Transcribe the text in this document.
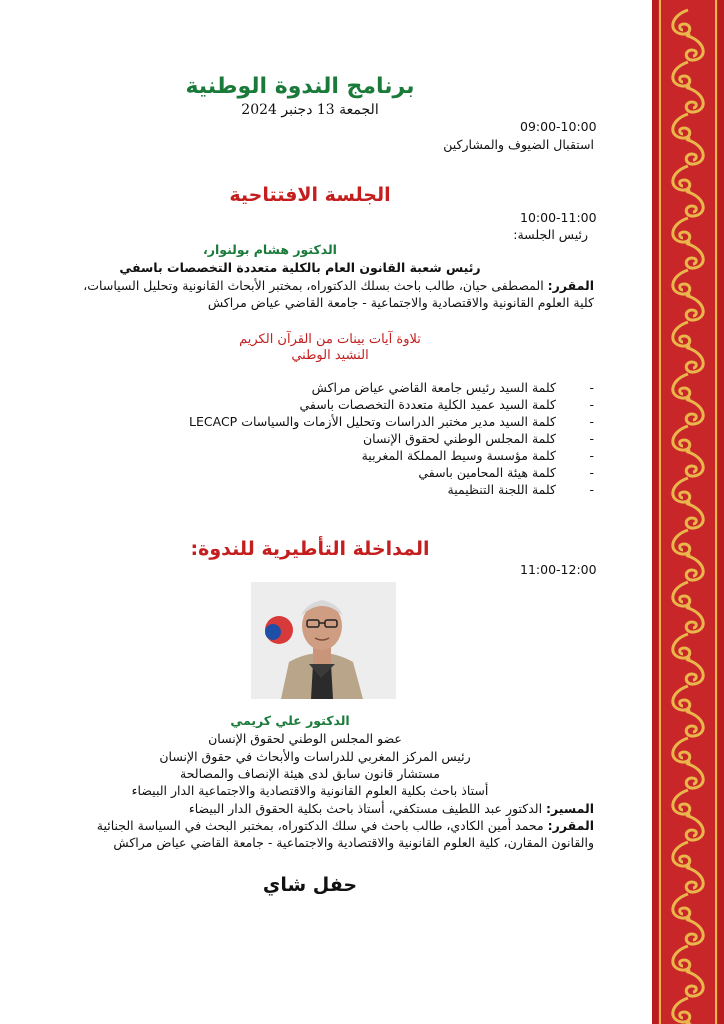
برنامج الندوة الوطنية
الجمعة 13 دجنبر 2024
09:00-10:00
استقبال الضيوف والمشاركين
الجلسة الافتتاحية
10:00-11:00
رئيس الجلسة:
الدكتور هشام بولنوار،
رئيس شعبة القانون العام بالكلية متعددة التخصصات باسفي
المقرر: المصطفى حيان، طالب باحث بسلك الدكتوراه، بمختبر الأبحاث القانونية وتحليل السياسات،
كلية العلوم القانونية والاقتصادية والاجتماعية - جامعة القاضي عياض مراكش
تلاوة آيات بينات من القرآن الكريم
النشيد الوطني
-
كلمة السيد رئيس جامعة القاضي عياض مراكش
-
كلمة السيد عميد الكلية متعددة التخصصات باسفي
-
كلمة السيد مدير مختبر الدراسات وتحليل الأزمات والسياسات LECACP
-
كلمة المجلس الوطني لحقوق الإنسان
-
كلمة مؤسسة وسيط المملكة المغربية
-
كلمة هيئة المحامين باسفي
-
كلمة اللجنة التنظيمية
المداخلة التأطيرية للندوة:
11:00-12:00
الدكتور علي كريمي
عضو المجلس الوطني لحقوق الإنسان
رئيس المركز المغربي للدراسات والأبحاث في حقوق الإنسان
مستشار قانون سابق لدى هيئة الإنصاف والمصالحة
أستاذ باحث بكلية العلوم القانونية والاقتصادية والاجتماعية الدار البيضاء
المسير: الدكتور عبد اللطيف مستكفي، أستاذ باحث بكلية الحقوق الدار البيضاء
المقرر: محمد أمين الكادي، طالب باحث في سلك الدكتوراه، بمختبر البحث في السياسة الجنائية
والقانون المقارن، كلية العلوم القانونية والاقتصادية والاجتماعية - جامعة القاضي عياض مراكش
حفل شاي
